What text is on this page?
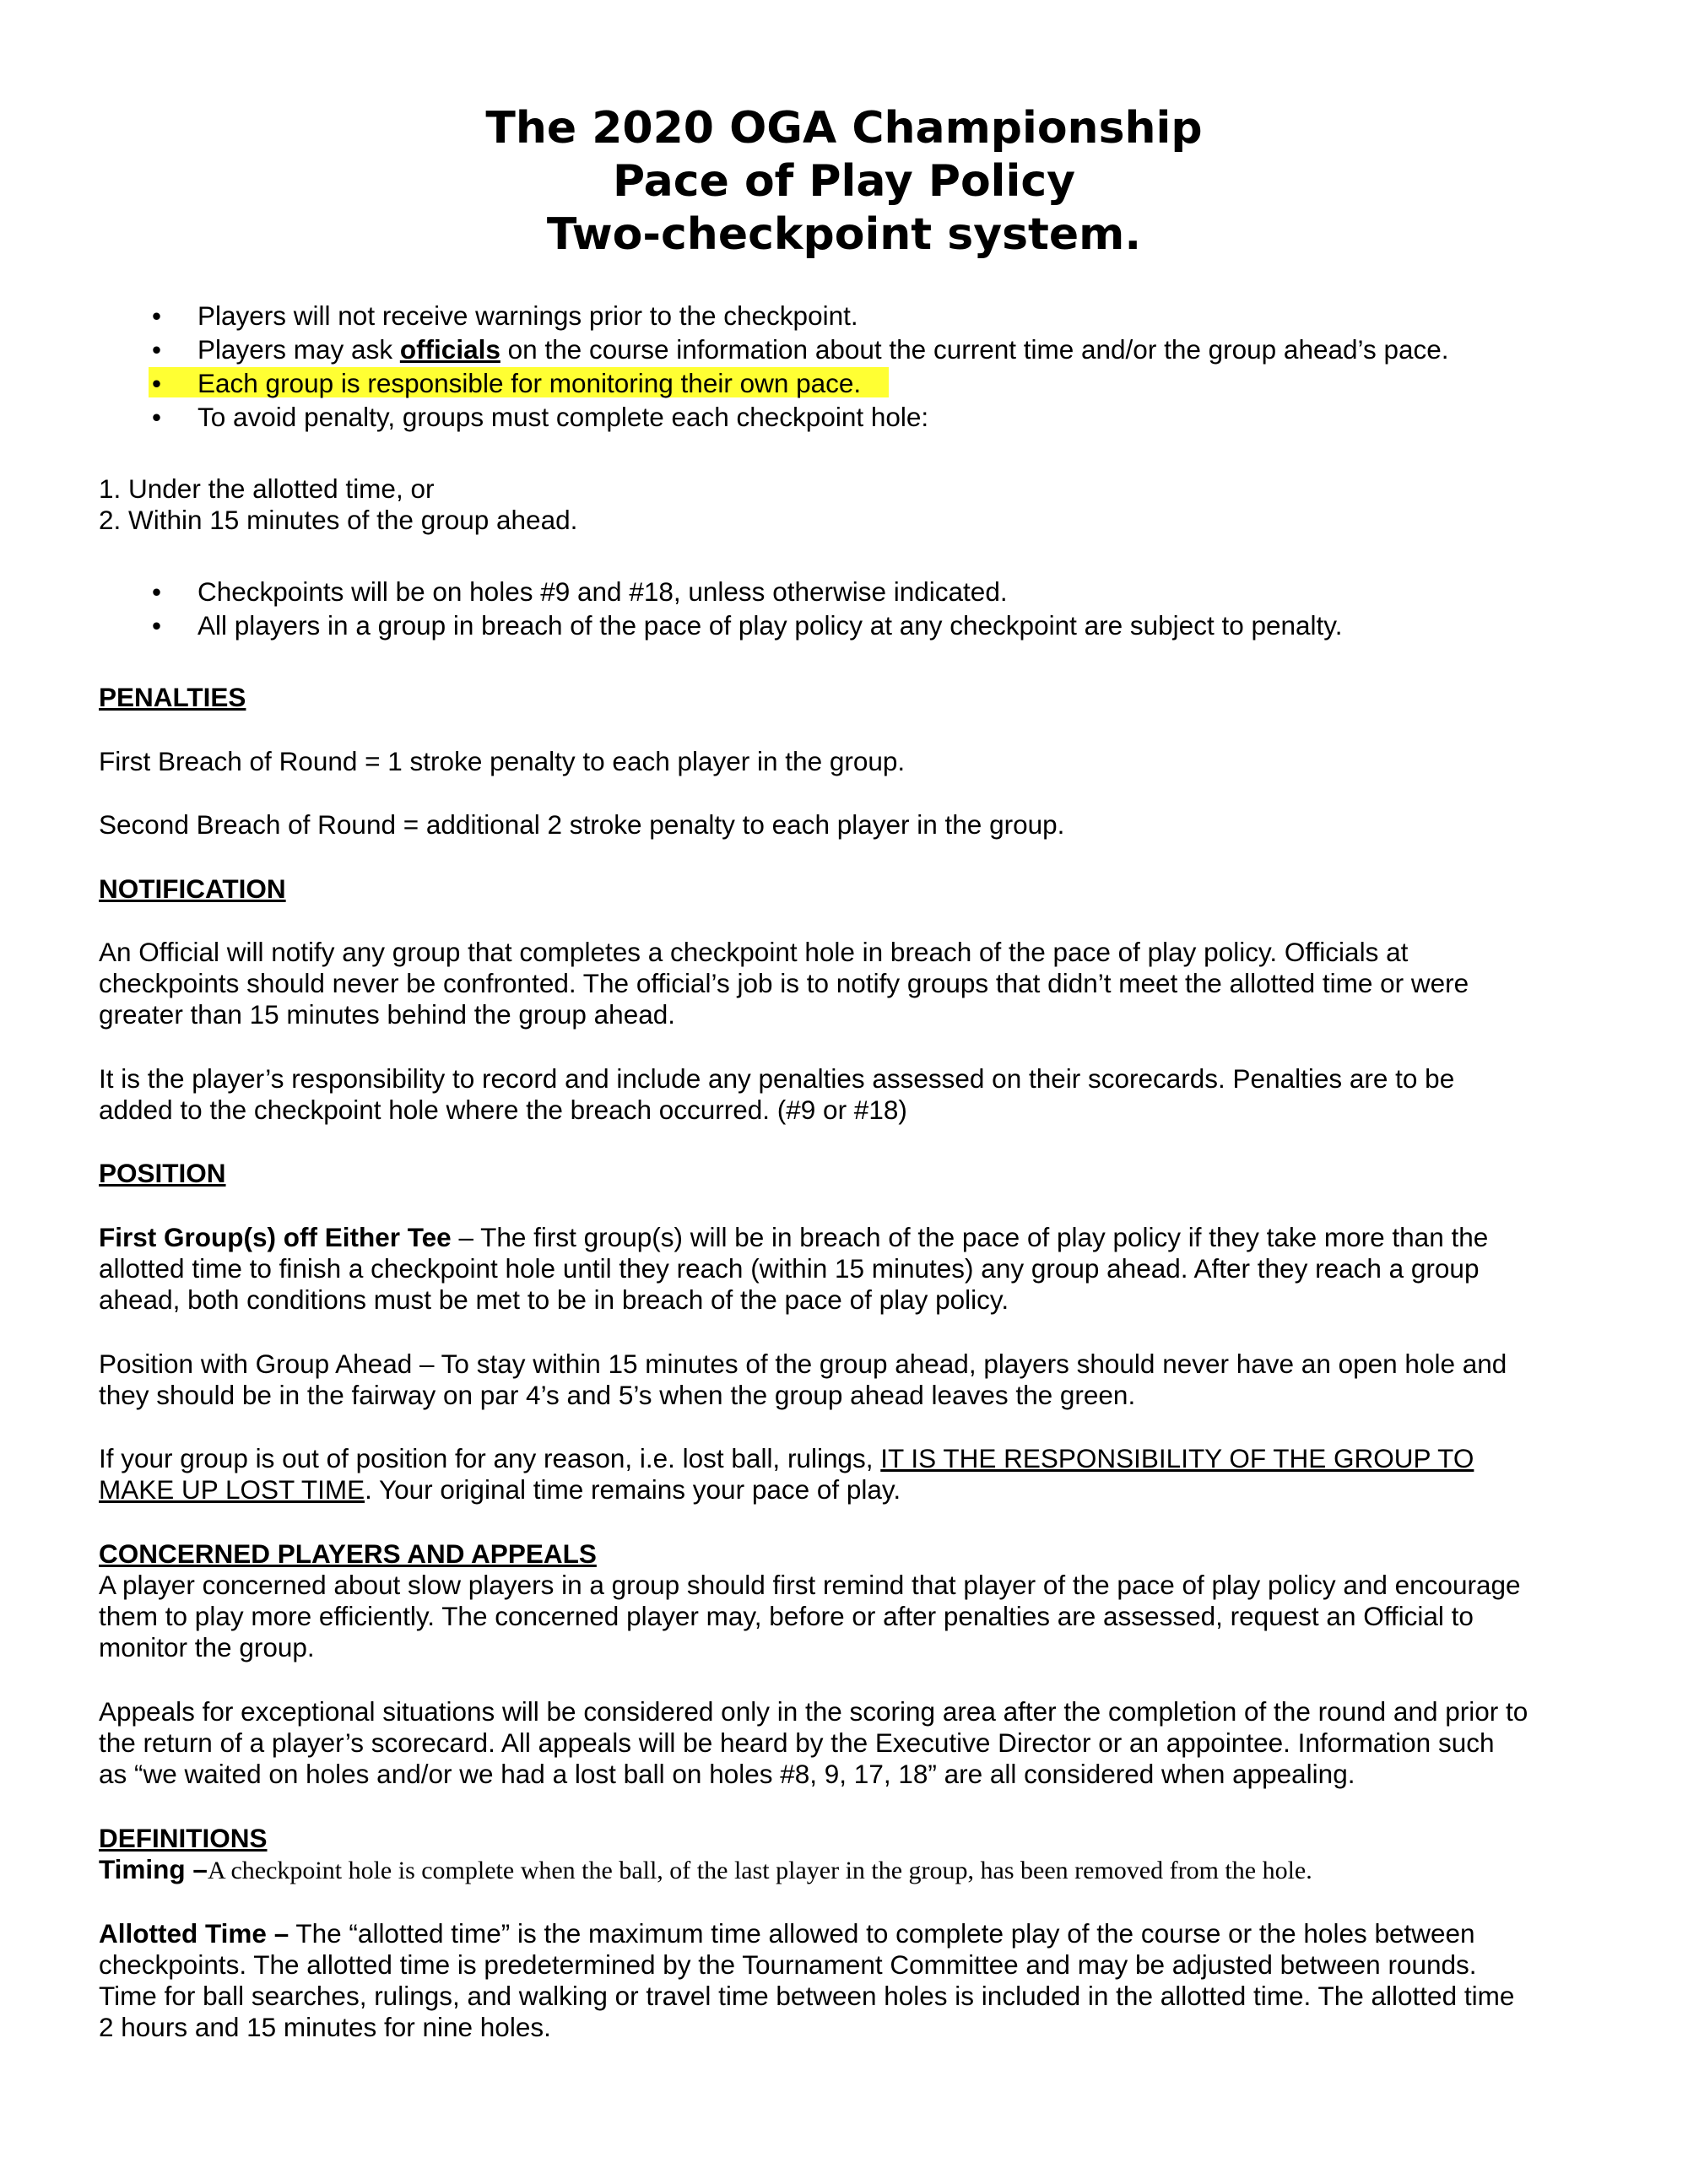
The 2020 OGA Championship
Pace of Play Policy
Two-checkpoint system.
• Players will not receive warnings prior to the checkpoint.
• Players may ask officials on the course information about the current time and/or the group ahead’s pace.
• Each group is responsible for monitoring their own pace.
• To avoid penalty, groups must complete each checkpoint hole:
1. Under the allotted time, or
2. Within 15 minutes of the group ahead.
• Checkpoints will be on holes #9 and #18, unless otherwise indicated.
• All players in a group in breach of the pace of play policy at any checkpoint are subject to penalty.
PENALTIES
First Breach of Round = 1 stroke penalty to each player in the group.
Second Breach of Round = additional 2 stroke penalty to each player in the group.
NOTIFICATION
An Official will notify any group that completes a checkpoint hole in breach of the pace of play policy. Officials at
checkpoints should never be confronted. The official’s job is to notify groups that didn’t meet the allotted time or were
greater than 15 minutes behind the group ahead.
It is the player’s responsibility to record and include any penalties assessed on their scorecards. Penalties are to be
added to the checkpoint hole where the breach occurred. (#9 or #18)
POSITION
First Group(s) off Either Tee – The first group(s) will be in breach of the pace of play policy if they take more than the
allotted time to finish a checkpoint hole until they reach (within 15 minutes) any group ahead. After they reach a group
ahead, both conditions must be met to be in breach of the pace of play policy.
Position with Group Ahead – To stay within 15 minutes of the group ahead, players should never have an open hole and
they should be in the fairway on par 4’s and 5’s when the group ahead leaves the green.
If your group is out of position for any reason, i.e. lost ball, rulings, IT IS THE RESPONSIBILITY OF THE GROUP TO
MAKE UP LOST TIME. Your original time remains your pace of play.
CONCERNED PLAYERS AND APPEALS
A player concerned about slow players in a group should first remind that player of the pace of play policy and encourage
them to play more efficiently. The concerned player may, before or after penalties are assessed, request an Official to
monitor the group.
Appeals for exceptional situations will be considered only in the scoring area after the completion of the round and prior to
the return of a player’s scorecard. All appeals will be heard by the Executive Director or an appointee. Information such
as “we waited on holes and/or we had a lost ball on holes #8, 9, 17, 18” are all considered when appealing.
DEFINITIONS
Timing –A checkpoint hole is complete when the ball, of the last player in the group, has been removed from the hole.
Allotted Time – The “allotted time” is the maximum time allowed to complete play of the course or the holes between
checkpoints. The allotted time is predetermined by the Tournament Committee and may be adjusted between rounds.
Time for ball searches, rulings, and walking or travel time between holes is included in the allotted time. The allotted time
2 hours and 15 minutes for nine holes.
